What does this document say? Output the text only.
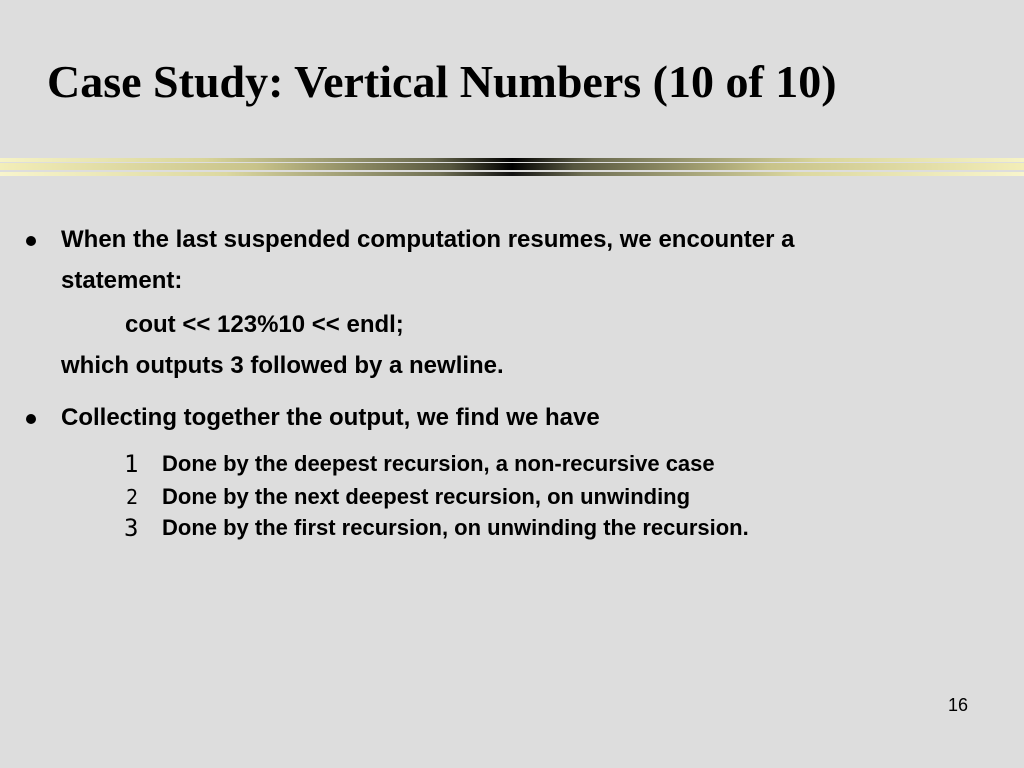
Case Study: Vertical Numbers (10 of 10)
When the last suspended computation resumes, we encounter a
statement:
cout << 123%10 << endl;
which outputs 3 followed by a newline.
Collecting together the output, we find we have
1 Done by the deepest recursion, a non-recursive case
2 Done by the next deepest recursion, on unwinding
3 Done by the first recursion, on unwinding the recursion.
16
